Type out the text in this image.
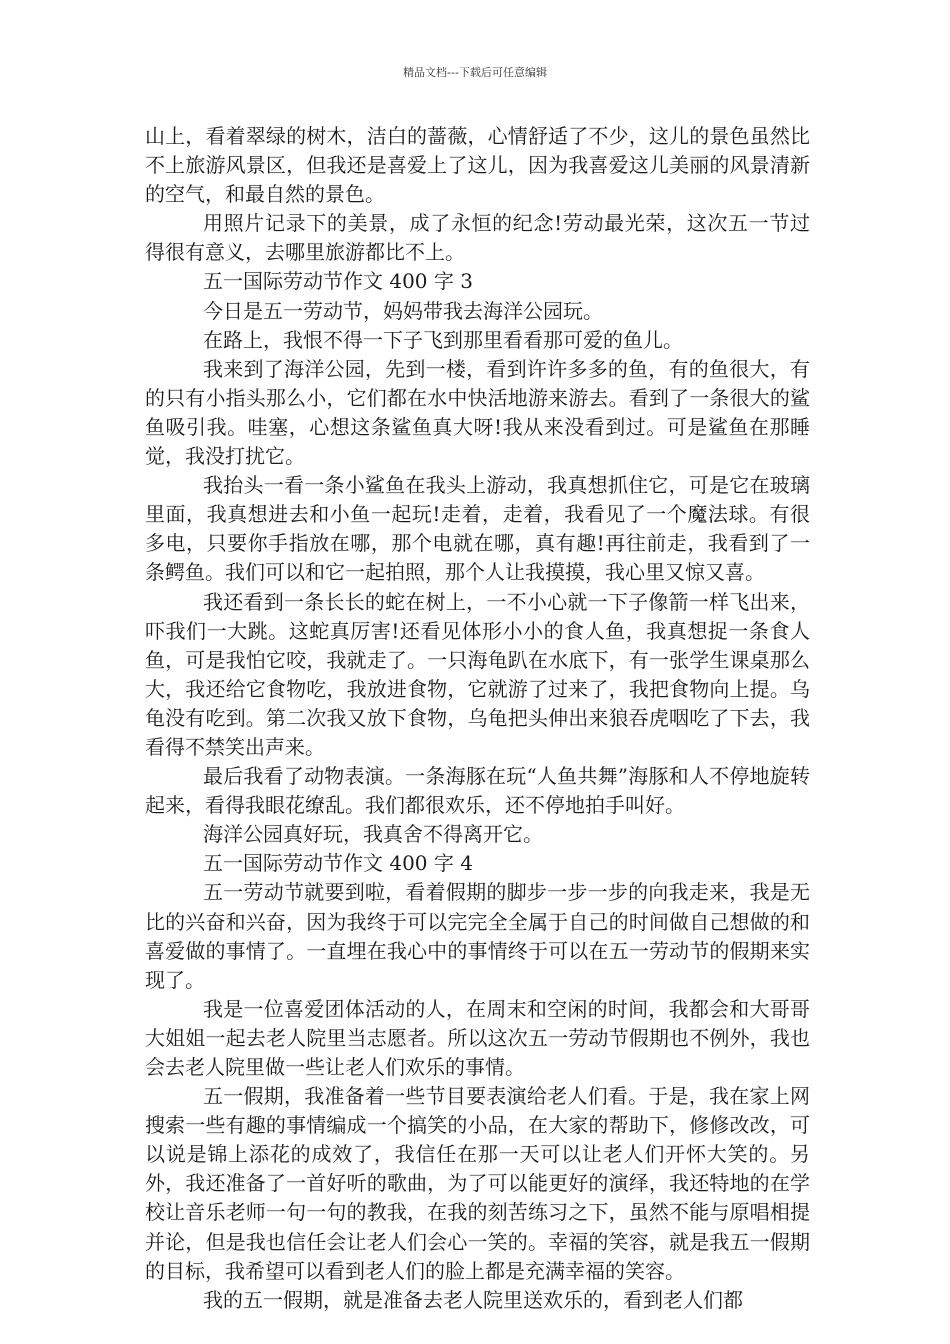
精品文档---下载后可任意编辑

山上，看着翠绿的树木，洁白的蔷薇，心情舒适了不少，这儿的景色虽然比不上旅游风景区，但我还是喜爱上了这儿，因为我喜爱这儿美丽的风景清新的空气，和最自然的景色。

用照片记录下的美景，成了永恒的纪念!劳动最光荣，这次五一节过得很有意义，去哪里旅游都比不上。

五一国际劳动节作文 400 字 3

今日是五一劳动节，妈妈带我去海洋公园玩。

在路上，我恨不得一下子飞到那里看看那可爱的鱼儿。

我来到了海洋公园，先到一楼，看到许许多多的鱼，有的鱼很大，有的只有小指头那么小，它们都在水中快活地游来游去。看到了一条很大的鲨鱼吸引我。哇塞，心想这条鲨鱼真大呀!我从来没看到过。可是鲨鱼在那睡觉，我没打扰它。

我抬头一看一条小鲨鱼在我头上游动，我真想抓住它，可是它在玻璃里面，我真想进去和小鱼一起玩!走着，走着，我看见了一个魔法球。有很多电，只要你手指放在哪，那个电就在哪，真有趣!再往前走，我看到了一条鳄鱼。我们可以和它一起拍照，那个人让我摸摸，我心里又惊又喜。

我还看到一条长长的蛇在树上，一不小心就一下子像箭一样飞出来，吓我们一大跳。这蛇真厉害!还看见体形小小的食人鱼，我真想捉一条食人鱼，可是我怕它咬，我就走了。一只海龟趴在水底下，有一张学生课桌那么大，我还给它食物吃，我放进食物，它就游了过来了，我把食物向上提。乌龟没有吃到。第二次我又放下食物，乌龟把头伸出来狼吞虎咽吃了下去，我看得不禁笑出声来。

最后我看了动物表演。一条海豚在玩“人鱼共舞”海豚和人不停地旋转起来，看得我眼花缭乱。我们都很欢乐，还不停地拍手叫好。

海洋公园真好玩，我真舍不得离开它。

五一国际劳动节作文 400 字 4

五一劳动节就要到啦，看着假期的脚步一步一步的向我走来，我是无比的兴奋和兴奋，因为我终于可以完完全全属于自己的时间做自己想做的和喜爱做的事情了。一直埋在我心中的事情终于可以在五一劳动节的假期来实现了。

我是一位喜爱团体活动的人，在周末和空闲的时间，我都会和大哥哥大姐姐一起去老人院里当志愿者。所以这次五一劳动节假期也不例外，我也会去老人院里做一些让老人们欢乐的事情。

五一假期，我准备着一些节目要表演给老人们看。于是，我在家上网搜索一些有趣的事情编成一个搞笑的小品，在大家的帮助下，修修改改，可以说是锦上添花的成效了，我信任在那一天可以让老人们开怀大笑的。另外，我还准备了一首好听的歌曲，为了可以能更好的演绎，我还特地的在学校让音乐老师一句一句的教我，在我的刻苦练习之下，虽然不能与原唱相提并论，但是我也信任会让老人们会心一笑的。幸福的笑容，就是我五一假期的目标，我希望可以看到老人们的脸上都是充满幸福的笑容。

我的五一假期，就是准备去老人院里送欢乐的，看到老人们都
